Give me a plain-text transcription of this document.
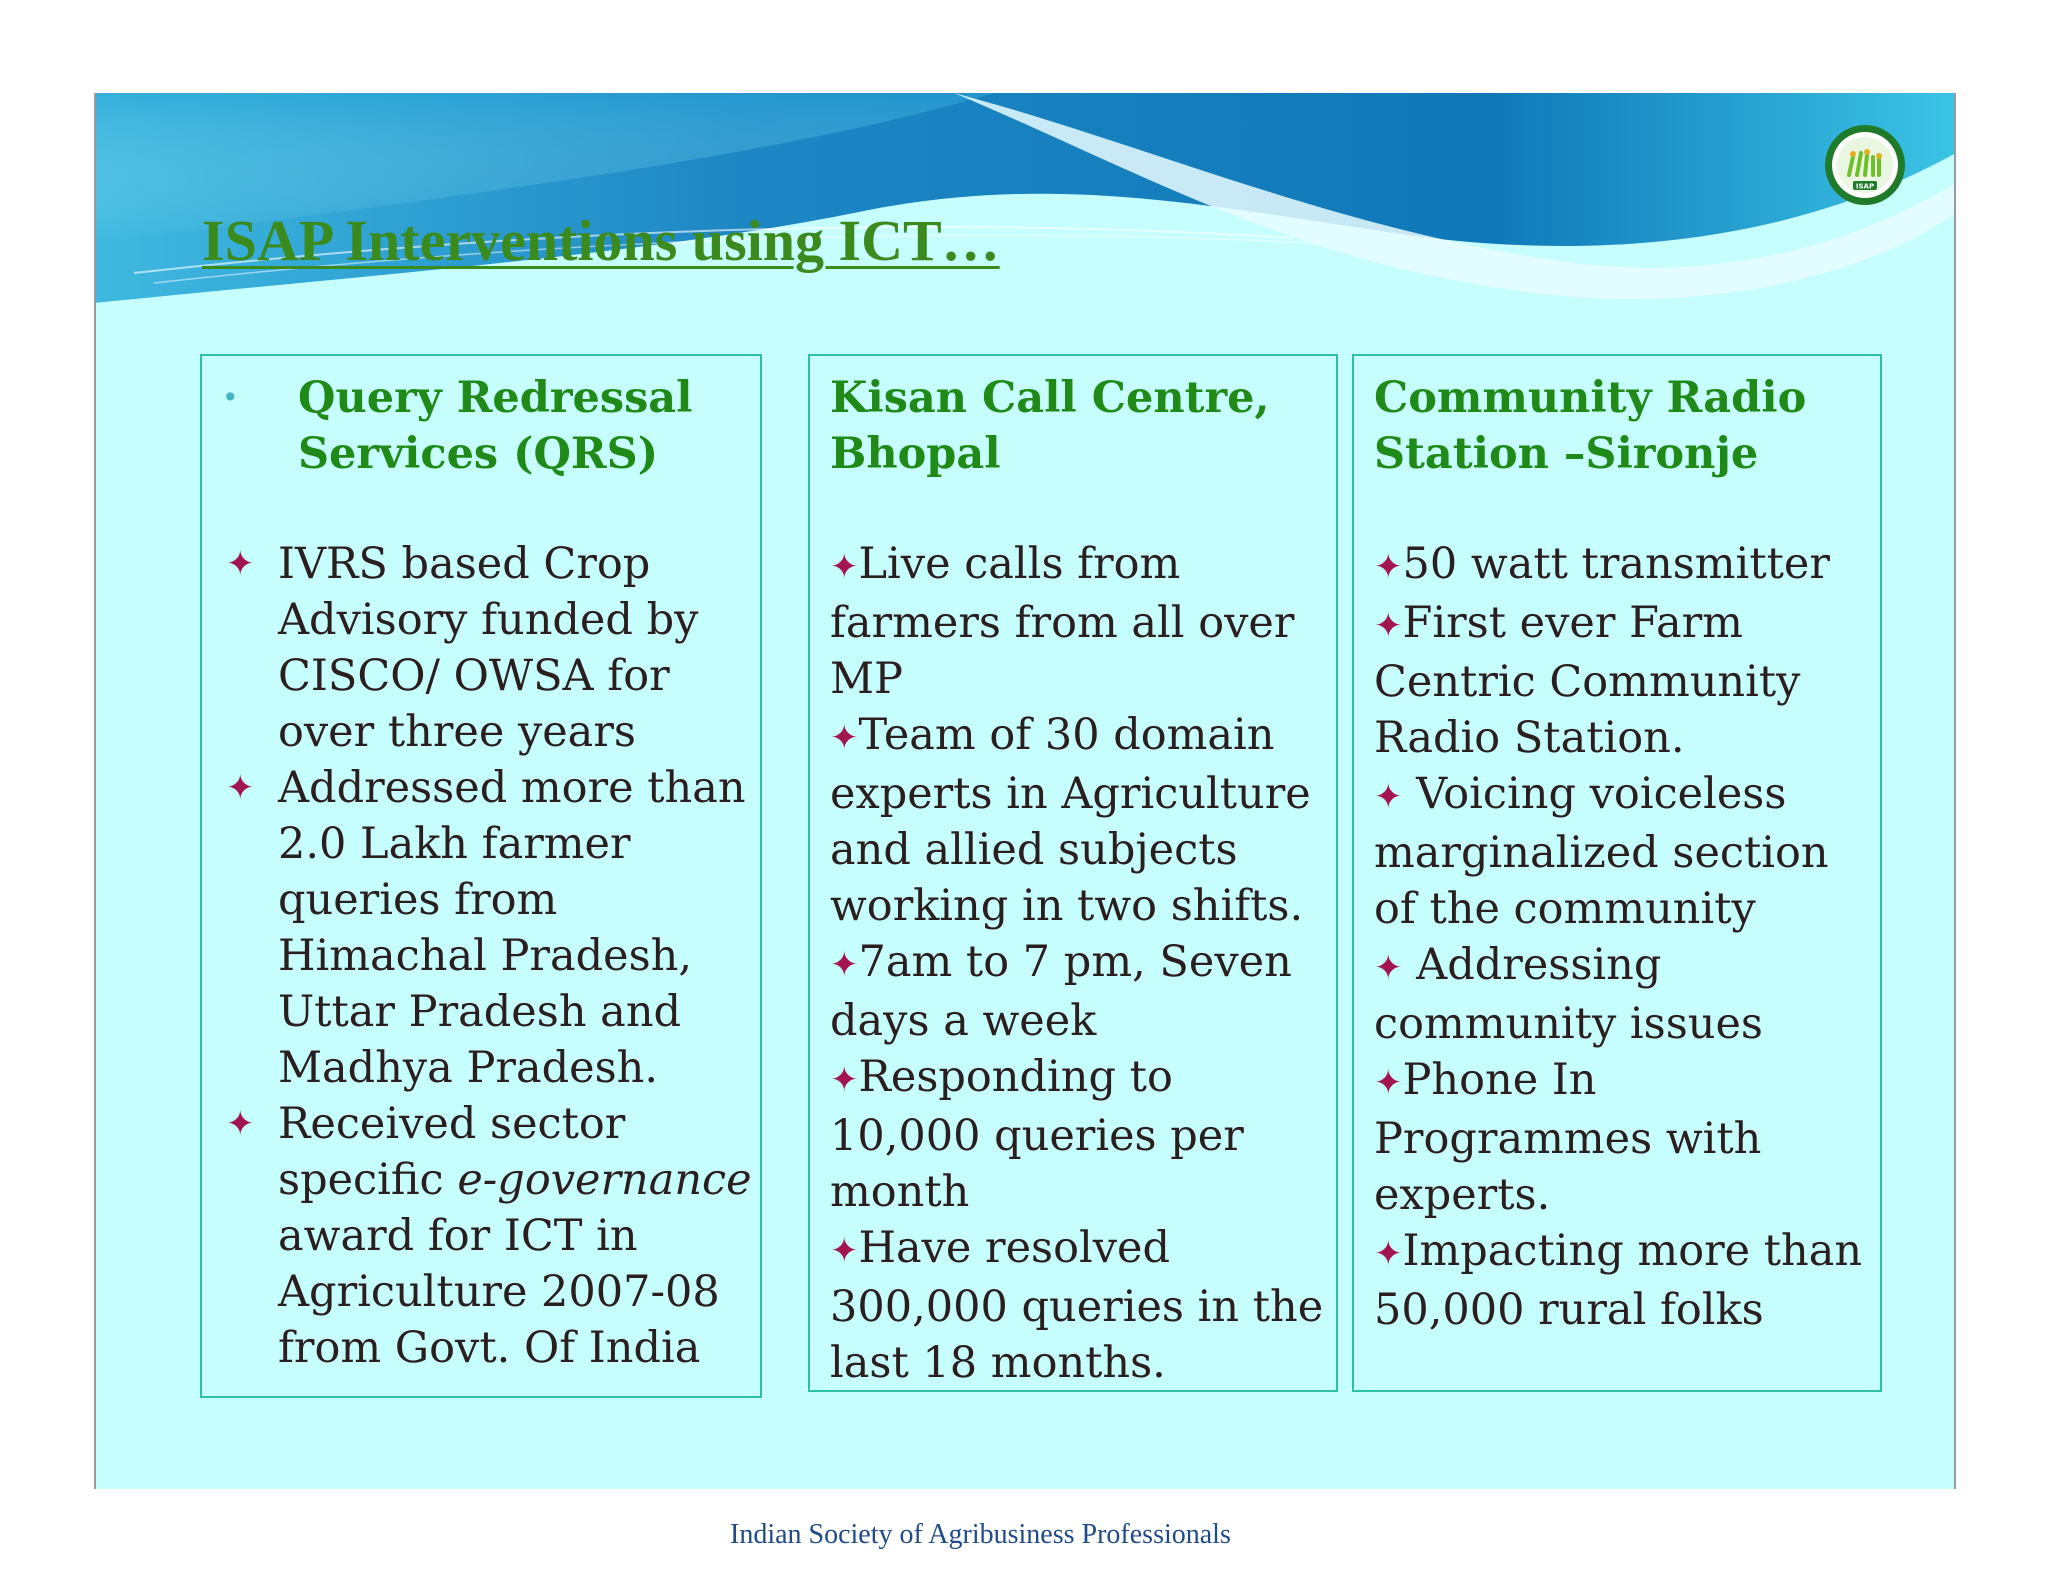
ISAP
ISAP Interventions using ICT…
Indian Society of Agribusiness Professionals
• Query Redressal Services (QRS)

✦ IVRS based Crop Advisory funded by CISCO/ OWSA for over three years
✦ Addressed more than 2.0 Lakh farmer queries from Himachal Pradesh, Uttar Pradesh and Madhya Pradesh.
✦ Received sector specific e-governance award for ICT in Agriculture 2007-08 from Govt. Of India

Kisan Call Centre, Bhopal

✦Live calls from farmers from all over MP
✦Team of 30 domain experts in Agriculture and allied subjects working in two shifts.
✦7am to 7 pm, Seven days a week
✦Responding to 10,000 queries per month
✦Have resolved 300,000 queries in the last 18 months.

Community Radio Station –Sironje

✦50 watt transmitter
✦First ever Farm Centric Community Radio Station.
✦ Voicing voiceless marginalized section of the community
✦ Addressing community issues
✦Phone In Programmes with experts.
✦Impacting more than 50,000 rural folks
